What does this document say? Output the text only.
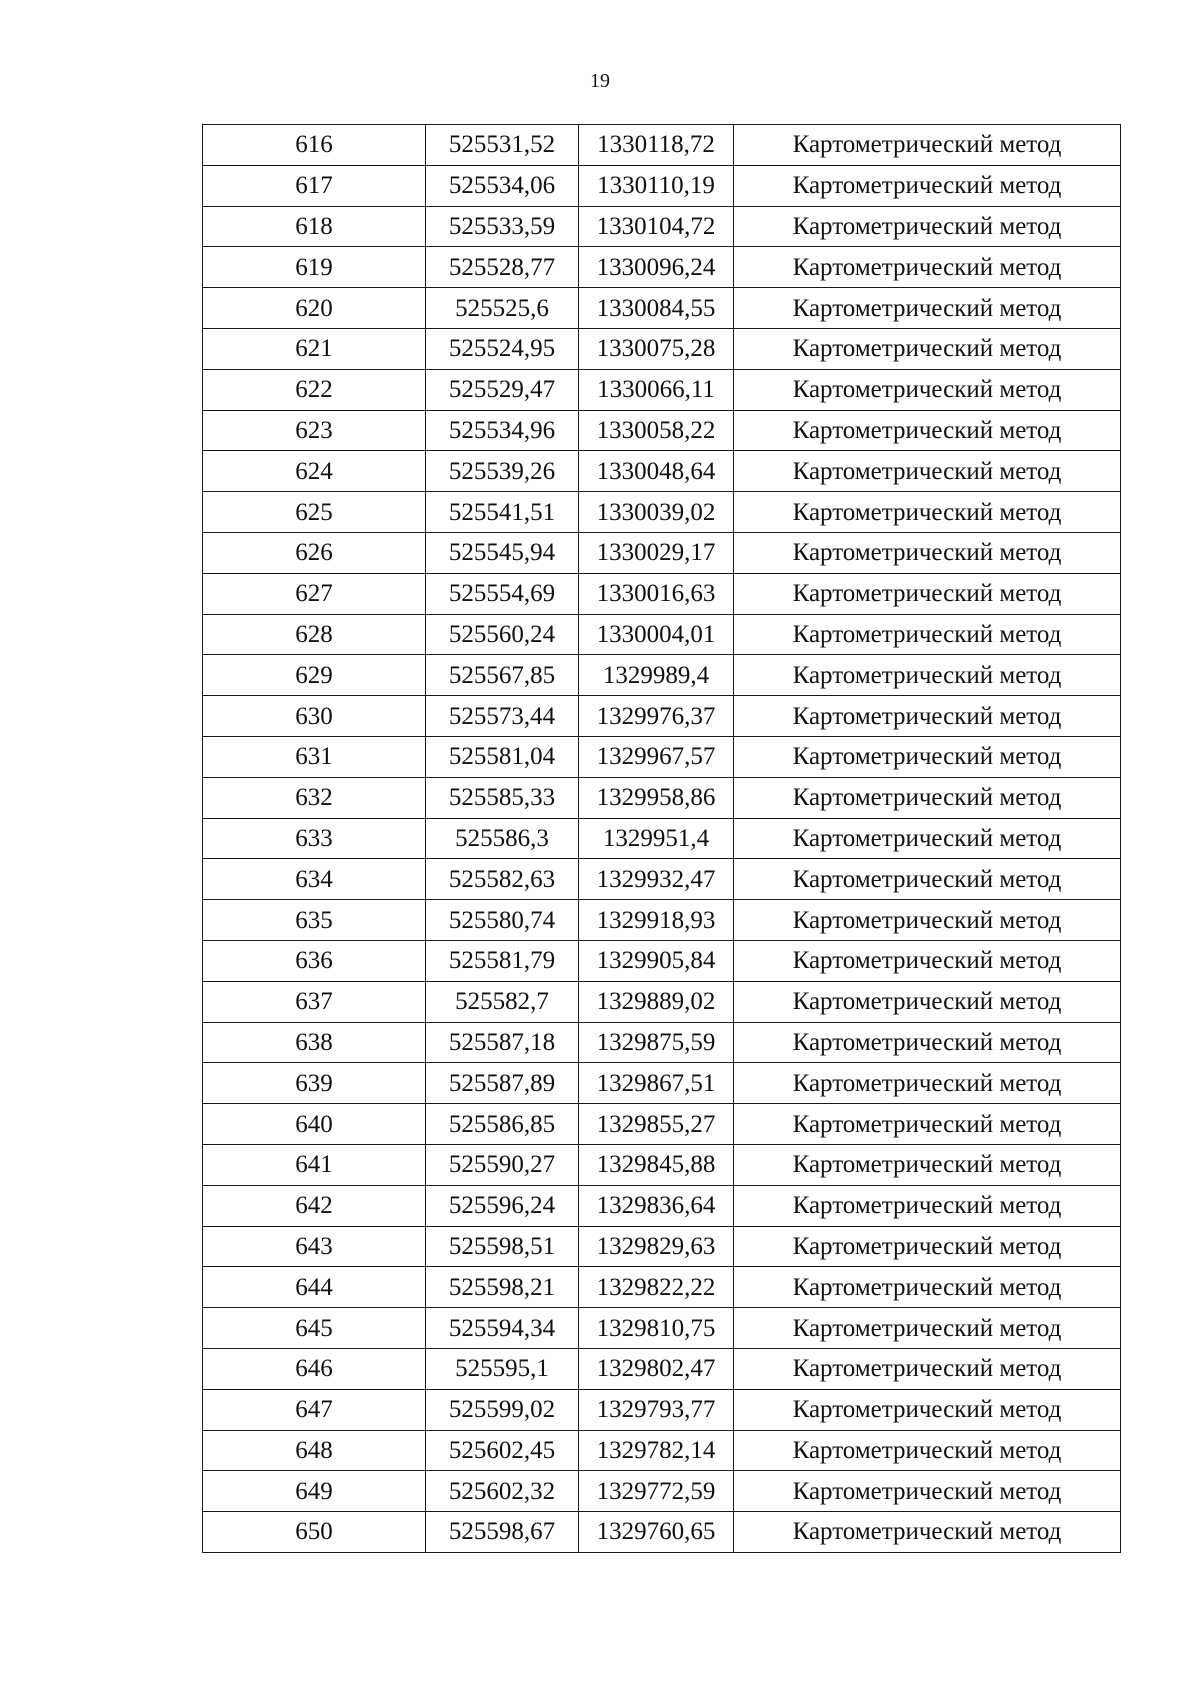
19
616	525531,52	1330118,72	Картометрический метод
617	525534,06	1330110,19	Картометрический метод
618	525533,59	1330104,72	Картометрический метод
619	525528,77	1330096,24	Картометрический метод
620	525525,6	1330084,55	Картометрический метод
621	525524,95	1330075,28	Картометрический метод
622	525529,47	1330066,11	Картометрический метод
623	525534,96	1330058,22	Картометрический метод
624	525539,26	1330048,64	Картометрический метод
625	525541,51	1330039,02	Картометрический метод
626	525545,94	1330029,17	Картометрический метод
627	525554,69	1330016,63	Картометрический метод
628	525560,24	1330004,01	Картометрический метод
629	525567,85	1329989,4	Картометрический метод
630	525573,44	1329976,37	Картометрический метод
631	525581,04	1329967,57	Картометрический метод
632	525585,33	1329958,86	Картометрический метод
633	525586,3	1329951,4	Картометрический метод
634	525582,63	1329932,47	Картометрический метод
635	525580,74	1329918,93	Картометрический метод
636	525581,79	1329905,84	Картометрический метод
637	525582,7	1329889,02	Картометрический метод
638	525587,18	1329875,59	Картометрический метод
639	525587,89	1329867,51	Картометрический метод
640	525586,85	1329855,27	Картометрический метод
641	525590,27	1329845,88	Картометрический метод
642	525596,24	1329836,64	Картометрический метод
643	525598,51	1329829,63	Картометрический метод
644	525598,21	1329822,22	Картометрический метод
645	525594,34	1329810,75	Картометрический метод
646	525595,1	1329802,47	Картометрический метод
647	525599,02	1329793,77	Картометрический метод
648	525602,45	1329782,14	Картометрический метод
649	525602,32	1329772,59	Картометрический метод
650	525598,67	1329760,65	Картометрический метод
